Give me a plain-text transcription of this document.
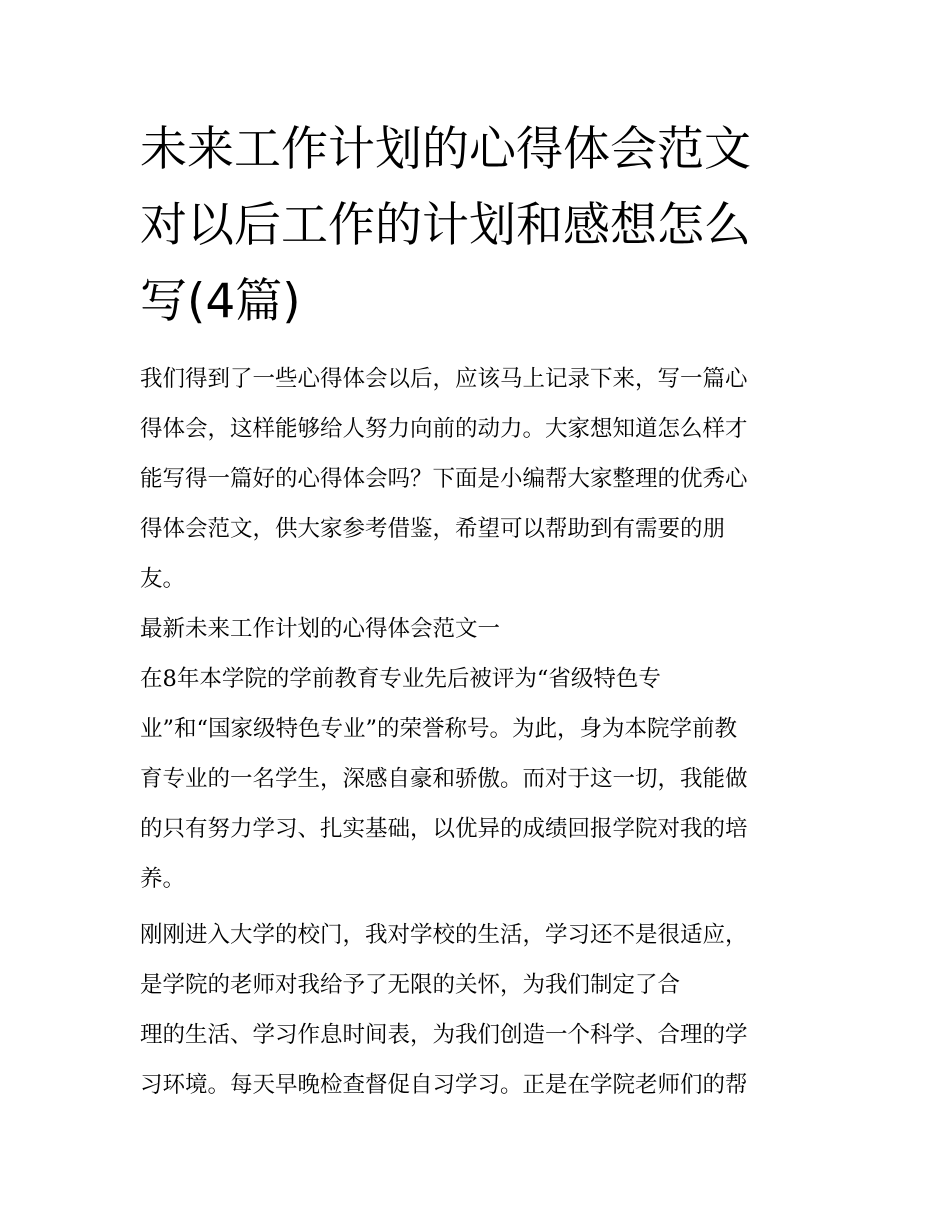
未来工作计划的心得体会范文
对以后工作的计划和感想怎么
写(4篇)

我们得到了一些心得体会以后，应该马上记录下来，写一篇心

得体会，这样能够给人努力向前的动力。大家想知道怎么样才

能写得一篇好的心得体会吗？下面是小编帮大家整理的优秀心

得体会范文，供大家参考借鉴，希望可以帮助到有需要的朋

友。

最新未来工作计划的心得体会范文一

在8年本学院的学前教育专业先后被评为“省级特色专

业”和“国家级特色专业”的荣誉称号。为此，身为本院学前教

育专业的一名学生，深感自豪和骄傲。而对于这一切，我能做

的只有努力学习、扎实基础，以优异的成绩回报学院对我的培

养。

刚刚进入大学的校门，我对学校的生活，学习还不是很适应，

是学院的老师对我给予了无限的关怀，为我们制定了合

理的生活、学习作息时间表，为我们创造一个科学、合理的学

习环境。每天早晚检查督促自习学习。正是在学院老师们的帮
